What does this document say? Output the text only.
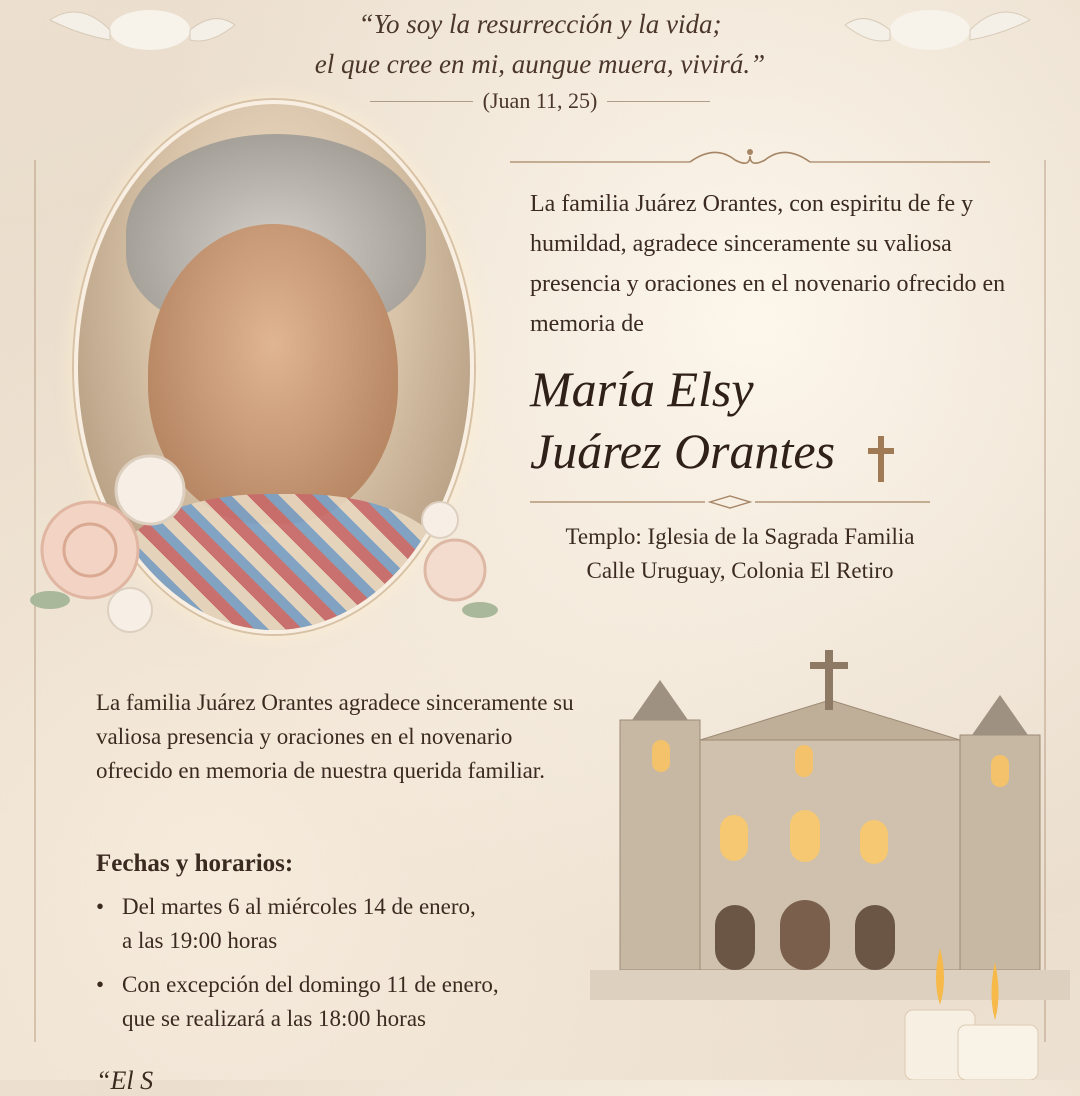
“Yo soy la resurrección y la vida;
el que cree en mi, aungue muera, vivirá.”
(Juan 11, 25)
La familia Juárez Orantes, con espiritu de fe y humildad, agradece sinceramente su valiosa presencia y oraciones en el novenario ofrecido en memoria de
María Elsy
Juárez Orantes
Templo: Iglesia de la Sagrada Familia
Calle Uruguay, Colonia El Retiro
La familia Juárez Orantes agradece sinceramente su valiosa presencia y oraciones en el novenario ofrecido en memoria de nuestra querida familiar.
Fechas y horarios:
• Del martes 6 al miércoles 14 de enero,
a las 19:00 horas
• Con excepción del domingo 11 de enero,
que se realizará a las 18:00 horas
“El S
